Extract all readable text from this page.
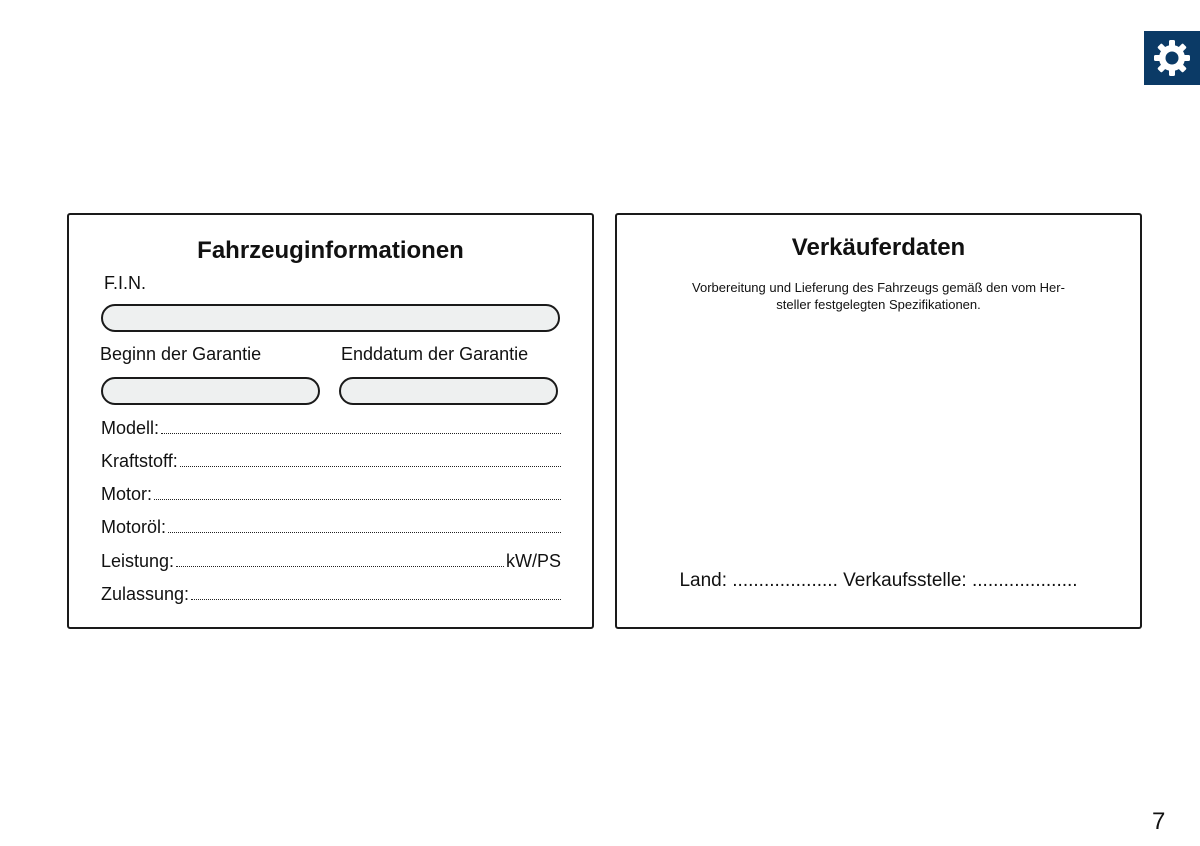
Fahrzeuginformationen
F.I.N.
Beginn der Garantie	Enddatum der Garantie
Modell:
Kraftstoff:
Motor:
Motoröl:
Leistung:	kW/PS
Zulassung:
Verkäuferdaten
Vorbereitung und Lieferung des Fahrzeugs gemäß den vom Her-
steller festgelegten Spezifikationen.
Land: .................... Verkaufsstelle: ....................
7
